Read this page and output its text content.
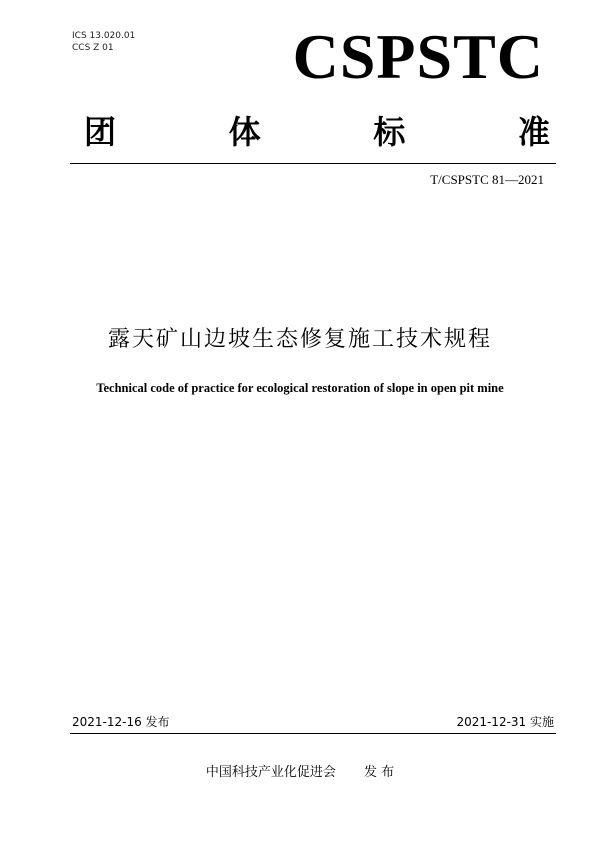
ICS 13.020.01
CCS Z 01	CSPSTC
团	体	标	准
T/CSPSTC 81—2021
露天矿山边坡生态修复施工技术规程
Technical code of practice for ecological restoration of slope in open pit mine
2021-12-16 发布	2021-12-31 实施
中国科技产业化促进会 发 布
